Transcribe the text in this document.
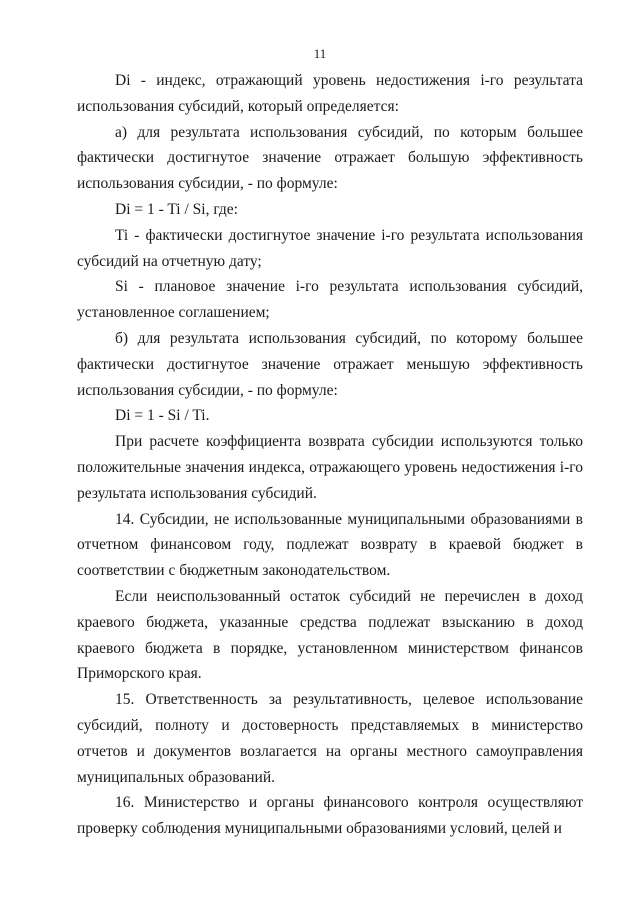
11

Di - индекс, отражающий уровень недостижения i-го результата использования субсидий, который определяется:

а) для результата использования субсидий, по которым большее фактически достигнутое значение отражает большую эффективность использования субсидии, - по формуле:

Di = 1 - Ti / Si, где:

Ti - фактически достигнутое значение i-го результата использования субсидий на отчетную дату;

Si - плановое значение i-го результата использования субсидий, установленное соглашением;

б) для результата использования субсидий, по которому большее фактически достигнутое значение отражает меньшую эффективность использования субсидии, - по формуле:

Di = 1 - Si / Ti.

При расчете коэффициента возврата субсидии используются только положительные значения индекса, отражающего уровень недостижения i-го результата использования субсидий.

14. Субсидии, не использованные муниципальными образованиями в отчетном финансовом году, подлежат возврату в краевой бюджет в соответствии с бюджетным законодательством.

Если неиспользованный остаток субсидий не перечислен в доход краевого бюджета, указанные средства подлежат взысканию в доход краевого бюджета в порядке, установленном министерством финансов Приморского края.

15. Ответственность за результативность, целевое использование субсидий, полноту и достоверность представляемых в министерство отчетов и документов возлагается на органы местного самоуправления муниципальных образований.

16. Министерство и органы финансового контроля осуществляют проверку соблюдения муниципальными образованиями условий, целей и
